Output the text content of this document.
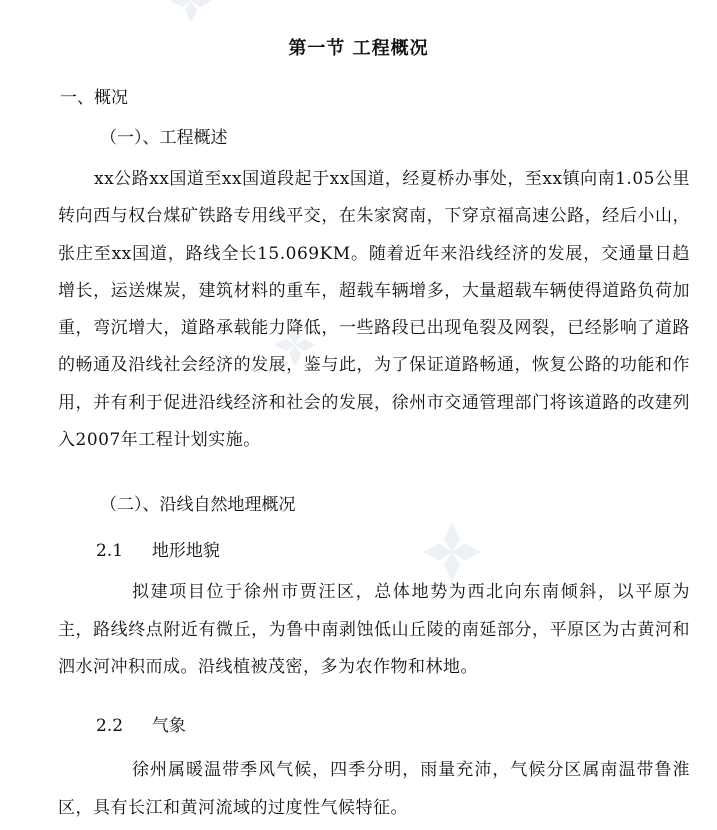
第一节 工程概况
一、概况
（一）、工程概述
xx公路xx国道至xx国道段起于xx国道，经夏桥办事处，至xx镇向南1.05公里转向西与权台煤矿铁路专用线平交，在朱家窝南，下穿京福高速公路，经后小山，张庄至xx国道，路线全长15.069KM。随着近年来沿线经济的发展，交通量日趋增长，运送煤炭，建筑材料的重车，超载车辆增多，大量超载车辆使得道路负荷加重，弯沉增大，道路承载能力降低，一些路段已出现龟裂及网裂，已经影响了道路的畅通及沿线社会经济的发展，鉴与此，为了保证道路畅通，恢复公路的功能和作用，并有利于促进沿线经济和社会的发展，徐州市交通管理部门将该道路的改建列入2007年工程计划实施。
（二）、沿线自然地理概况
2.1 地形地貌
拟建项目位于徐州市贾汪区，总体地势为西北向东南倾斜，以平原为主，路线终点附近有微丘，为鲁中南剥蚀低山丘陵的南延部分，平原区为古黄河和泗水河冲积而成。沿线植被茂密，多为农作物和林地。
2.2 气象
徐州属暖温带季风气候，四季分明，雨量充沛，气候分区属南温带鲁淮区，具有长江和黄河流域的过度性气候特征。
